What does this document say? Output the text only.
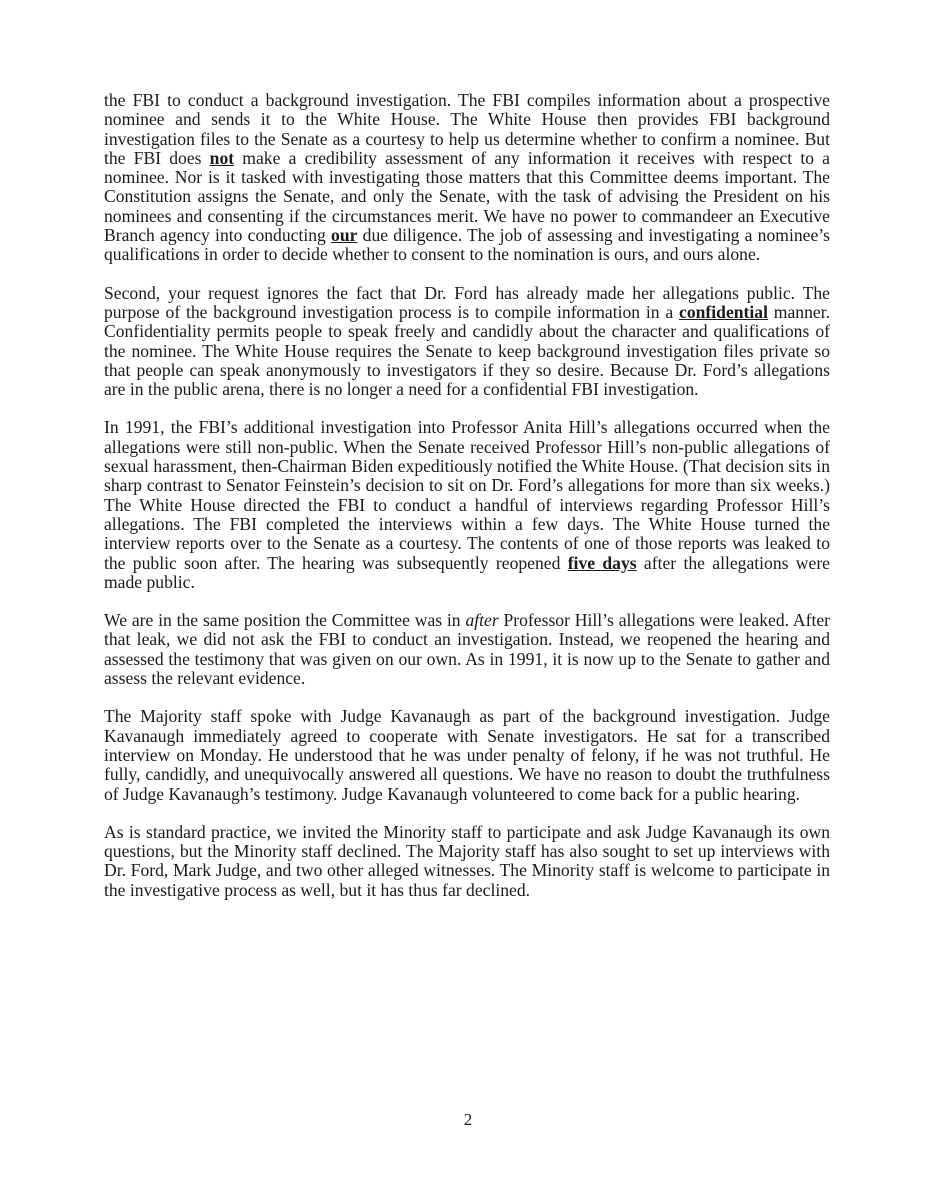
the FBI to conduct a background investigation. The FBI compiles information about a prospective nominee and sends it to the White House. The White House then provides FBI background investigation files to the Senate as a courtesy to help us determine whether to confirm a nominee. But the FBI does not make a credibility assessment of any information it receives with respect to a nominee. Nor is it tasked with investigating those matters that this Committee deems important. The Constitution assigns the Senate, and only the Senate, with the task of advising the President on his nominees and consenting if the circumstances merit. We have no power to commandeer an Executive Branch agency into conducting our due diligence. The job of assessing and investigating a nominee’s qualifications in order to decide whether to consent to the nomination is ours, and ours alone.

Second, your request ignores the fact that Dr. Ford has already made her allegations public. The purpose of the background investigation process is to compile information in a confidential manner. Confidentiality permits people to speak freely and candidly about the character and qualifications of the nominee. The White House requires the Senate to keep background investigation files private so that people can speak anonymously to investigators if they so desire. Because Dr. Ford’s allegations are in the public arena, there is no longer a need for a confidential FBI investigation.

In 1991, the FBI’s additional investigation into Professor Anita Hill’s allegations occurred when the allegations were still non-public. When the Senate received Professor Hill’s non-public allegations of sexual harassment, then-Chairman Biden expeditiously notified the White House. (That decision sits in sharp contrast to Senator Feinstein’s decision to sit on Dr. Ford’s allegations for more than six weeks.) The White House directed the FBI to conduct a handful of interviews regarding Professor Hill’s allegations. The FBI completed the interviews within a few days. The White House turned the interview reports over to the Senate as a courtesy. The contents of one of those reports was leaked to the public soon after. The hearing was subsequently reopened five days after the allegations were made public.

We are in the same position the Committee was in after Professor Hill’s allegations were leaked. After that leak, we did not ask the FBI to conduct an investigation. Instead, we reopened the hearing and assessed the testimony that was given on our own. As in 1991, it is now up to the Senate to gather and assess the relevant evidence.

The Majority staff spoke with Judge Kavanaugh as part of the background investigation. Judge Kavanaugh immediately agreed to cooperate with Senate investigators. He sat for a transcribed interview on Monday. He understood that he was under penalty of felony, if he was not truthful. He fully, candidly, and unequivocally answered all questions. We have no reason to doubt the truthfulness of Judge Kavanaugh’s testimony. Judge Kavanaugh volunteered to come back for a public hearing.

As is standard practice, we invited the Minority staff to participate and ask Judge Kavanaugh its own questions, but the Minority staff declined. The Majority staff has also sought to set up interviews with Dr. Ford, Mark Judge, and two other alleged witnesses. The Minority staff is welcome to participate in the investigative process as well, but it has thus far declined.

2
